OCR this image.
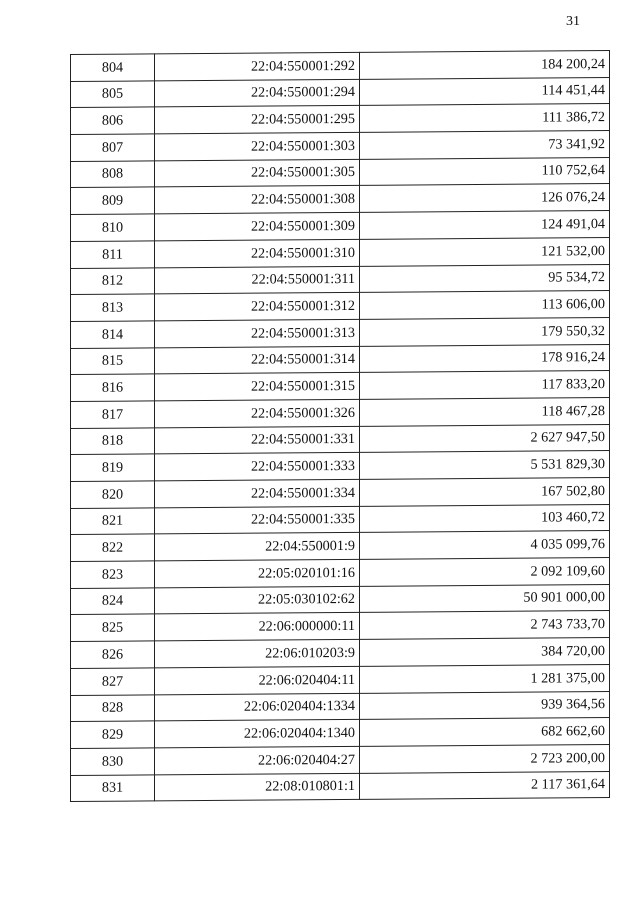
31
804	22:04:550001:292	184 200,24
805	22:04:550001:294	114 451,44
806	22:04:550001:295	111 386,72
807	22:04:550001:303	73 341,92
808	22:04:550001:305	110 752,64
809	22:04:550001:308	126 076,24
810	22:04:550001:309	124 491,04
811	22:04:550001:310	121 532,00
812	22:04:550001:311	95 534,72
813	22:04:550001:312	113 606,00
814	22:04:550001:313	179 550,32
815	22:04:550001:314	178 916,24
816	22:04:550001:315	117 833,20
817	22:04:550001:326	118 467,28
818	22:04:550001:331	2 627 947,50
819	22:04:550001:333	5 531 829,30
820	22:04:550001:334	167 502,80
821	22:04:550001:335	103 460,72
822	22:04:550001:9	4 035 099,76
823	22:05:020101:16	2 092 109,60
824	22:05:030102:62	50 901 000,00
825	22:06:000000:11	2 743 733,70
826	22:06:010203:9	384 720,00
827	22:06:020404:11	1 281 375,00
828	22:06:020404:1334	939 364,56
829	22:06:020404:1340	682 662,60
830	22:06:020404:27	2 723 200,00
831	22:08:010801:1	2 117 361,64
